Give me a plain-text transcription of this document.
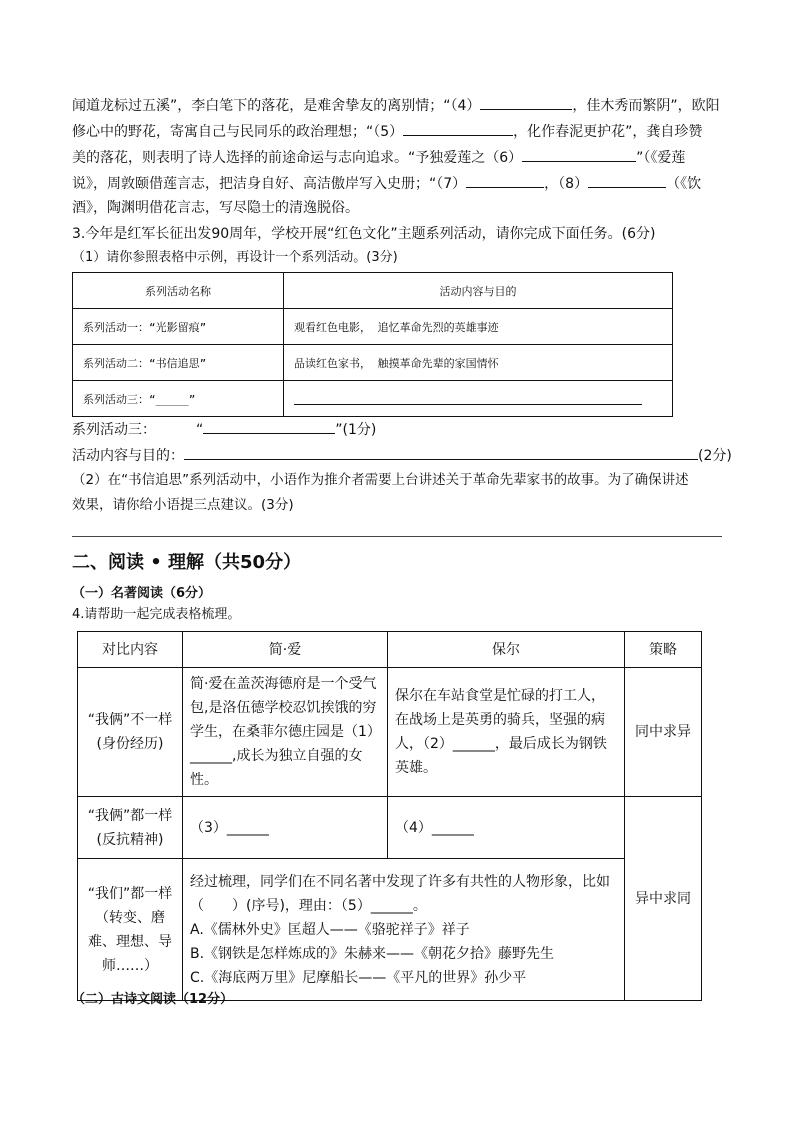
闻道龙标过五溪”，李白笔下的落花，是难舍挚友的离别情；“（4）	，佳木秀而繁阴”，欧阳
修心中的野花，寄寓自己与民同乐的政治理想；“（5）	，化作春泥更护花”，龚自珍赞
美的落花，则表明了诗人选择的前途命运与志向追求。“予独爱莲之（6）	”（《爱莲
说》，周敦颐借莲言志，把洁身自好、高洁傲岸写入史册；“（7）	，（8）	（《饮
酒》，陶渊明借花言志，写尽隐士的清逸脱俗。
3.今年是红军长征出发90周年，学校开展“红色文化”主题系列活动，请你完成下面任务。(6分)
（1）请你参照表格中示例，再设计一个系列活动。(3分)
系列活动名称	活动内容与目的
系列活动一：“光影留痕”	观看红色电影， 追忆革命先烈的英雄事迹
系列活动二：“书信追思”	品读红色家书， 触摸革命先辈的家国情怀
系列活动三：“_____”	
系列活动三：	“	”(1分)
活动内容与目的：	(2分)
（2）在“书信追思”系列活动中，小语作为推介者需要上台讲述关于革命先辈家书的故事。为了确保讲述
效果，请你给小语提三点建议。(3分)
二、阅读 • 理解（共50分）
（一）名著阅读（6分）
4.请帮助一起完成表格梳理。
对比内容	简·爱	保尔	策略
“我俩”不一样(身份经历)	简·爱在盖茨海德府是一个受气包,是洛伍德学校忍饥挨饿的穷学生，在桑菲尔德庄园是（1）______,成长为独立自强的女性。	保尔在车站食堂是忙碌的打工人，在战场上是英勇的骑兵，坚强的病人，（2）______，最后成长为钢铁英雄。	同中求异
“我俩”都一样(反抗精神)	（3）______	（4）______	异中求同
“我们”都一样（转变、磨难、理想、导师……）	经过梳理，同学们在不同名著中发现了许多有共性的人物形象，比如（　　）(序号)，理由：（5）______。
A.《儒林外史》匡超人——《骆驼祥子》祥子
B.《钢铁是怎样炼成的》朱赫来——《朝花夕拾》藤野先生
C.《海底两万里》尼摩船长——《平凡的世界》孙少平		
（二）古诗文阅读（12分）
